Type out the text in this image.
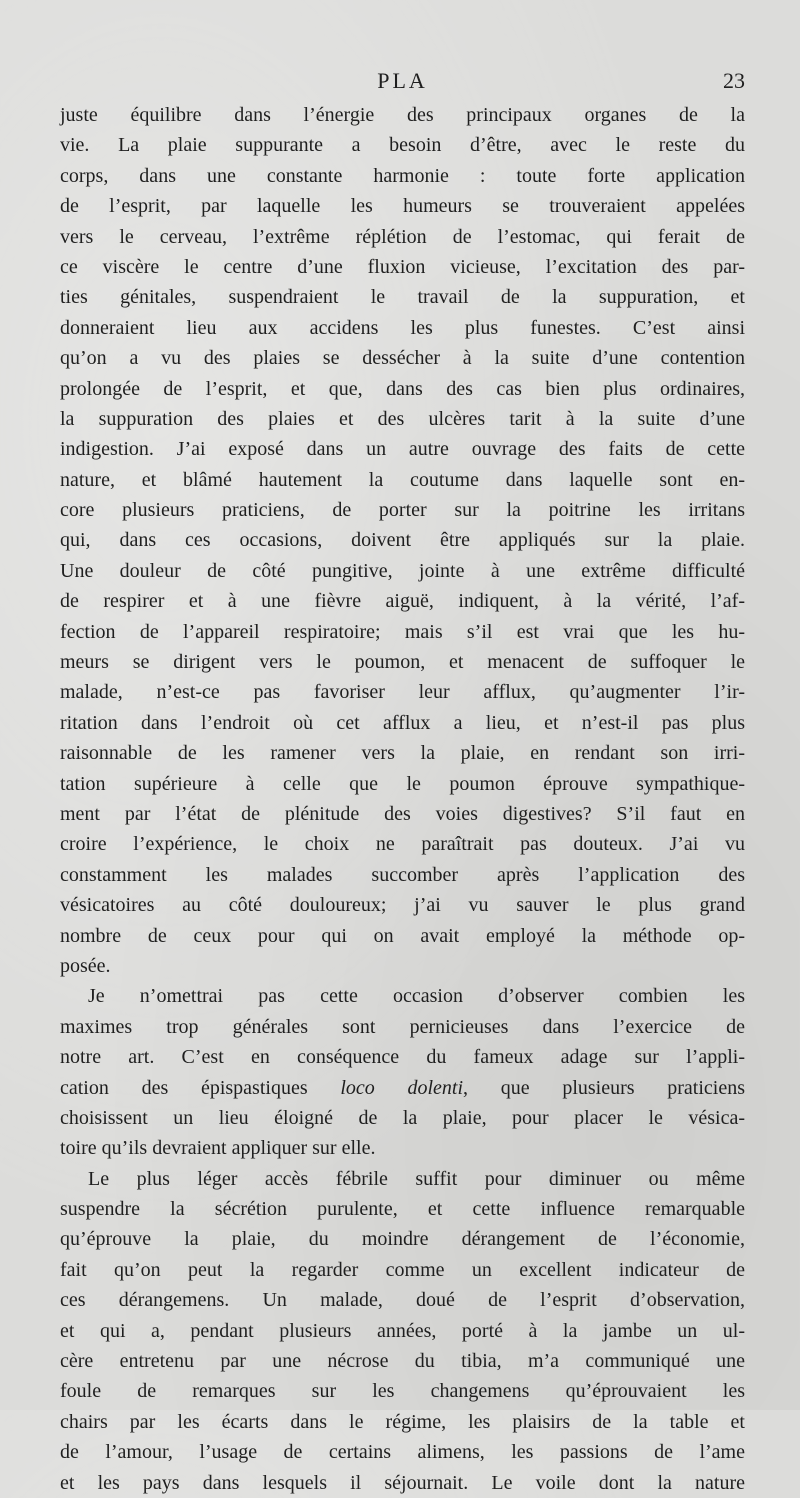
PLA	23
juste équilibre dans l’énergie des principaux organes de la
vie. La plaie suppurante a besoin d’être, avec le reste du
corps, dans une constante harmonie : toute forte application
de l’esprit, par laquelle les humeurs se trouveraient appelées
vers le cerveau, l’extrême réplétion de l’estomac, qui ferait de
ce viscère le centre d’une fluxion vicieuse, l’excitation des par-
ties génitales, suspendraient le travail de la suppuration, et
donneraient lieu aux accidens les plus funestes. C’est ainsi
qu’on a vu des plaies se dessécher à la suite d’une contention
prolongée de l’esprit, et que, dans des cas bien plus ordinaires,
la suppuration des plaies et des ulcères tarit à la suite d’une
indigestion. J’ai exposé dans un autre ouvrage des faits de cette
nature, et blâmé hautement la coutume dans laquelle sont en-
core plusieurs praticiens, de porter sur la poitrine les irritans
qui, dans ces occasions, doivent être appliqués sur la plaie.
Une douleur de côté pungitive, jointe à une extrême difficulté
de respirer et à une fièvre aiguë, indiquent, à la vérité, l’af-
fection de l’appareil respiratoire; mais s’il est vrai que les hu-
meurs se dirigent vers le poumon, et menacent de suffoquer le
malade, n’est-ce pas favoriser leur afflux, qu’augmenter l’ir-
ritation dans l’endroit où cet afflux a lieu, et n’est-il pas plus
raisonnable de les ramener vers la plaie, en rendant son irri-
tation supérieure à celle que le poumon éprouve sympathique-
ment par l’état de plénitude des voies digestives? S’il faut en
croire l’expérience, le choix ne paraîtrait pas douteux. J’ai vu
constamment les malades succomber après l’application des
vésicatoires au côté douloureux; j’ai vu sauver le plus grand
nombre de ceux pour qui on avait employé la méthode op-
posée.
Je n’omettrai pas cette occasion d’observer combien les
maximes trop générales sont pernicieuses dans l’exercice de
notre art. C’est en conséquence du fameux adage sur l’appli-
cation des épispastiques loco dolenti, que plusieurs praticiens
choisissent un lieu éloigné de la plaie, pour placer le vésica-
toire qu’ils devraient appliquer sur elle.
Le plus léger accès fébrile suffit pour diminuer ou même
suspendre la sécrétion purulente, et cette influence remarquable
qu’éprouve la plaie, du moindre dérangement de l’économie,
fait qu’on peut la regarder comme un excellent indicateur de
ces dérangemens. Un malade, doué de l’esprit d’observation,
et qui a, pendant plusieurs années, porté à la jambe un ul-
cère entretenu par une nécrose du tibia, m’a communiqué une
foule de remarques sur les changemens qu’éprouvaient les
chairs par les écarts dans le régime, les plaisirs de la table et
de l’amour, l’usage de certains alimens, les passions de l’ame
et les pays dans lesquels il séjournait. Le voile dont la nature
